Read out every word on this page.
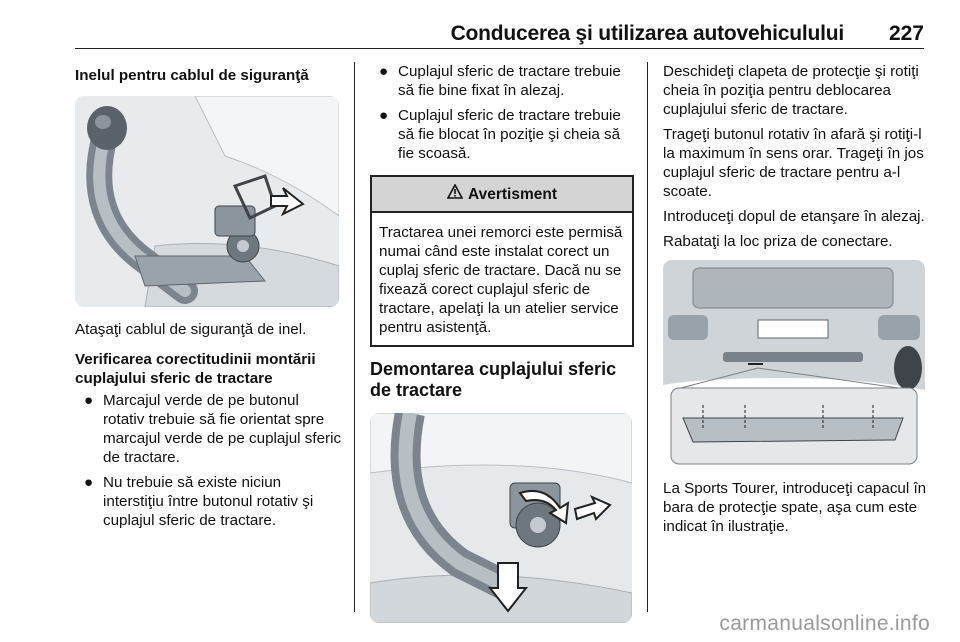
Conducerea şi utilizarea autovehiculului 227
Inelul pentru cablul de siguranţă

Ataşaţi cablul de siguranţă de inel.

Verificarea corectitudinii montării cuplajului sferic de tractare
● Marcajul verde de pe butonul rotativ trebuie să fie orientat spre marcajul verde de pe cuplajul sferic de tractare.
● Nu trebuie să existe niciun interstiţiu între butonul rotativ şi cuplajul sferic de tractare.
● Cuplajul sferic de tractare trebuie să fie bine fixat în alezaj.
● Cuplajul sferic de tractare trebuie să fie blocat în poziţie şi cheia să fie scoasă.
Avertisment
Tractarea unei remorci este permisă numai când este instalat corect un cuplaj sferic de tractare. Dacă nu se fixează corect cuplajul sferic de tractare, apelaţi la un atelier service pentru asistenţă.
Demontarea cuplajului sferic de tractare

Deschideţi clapeta de protecţie şi rotiţi cheia în poziţia pentru deblocarea cuplajului sferic de tractare.

Trageţi butonul rotativ în afară şi rotiţi-l la maximum în sens orar. Trageţi în jos cuplajul sferic de tractare pentru a-l scoate.

Introduceţi dopul de etanşare în alezaj.

Rabataţi la loc priza de conectare.

La Sports Tourer, introduceţi capacul în bara de protecţie spate, aşa cum este indicat în ilustraţie.

carmanualsonline.info
